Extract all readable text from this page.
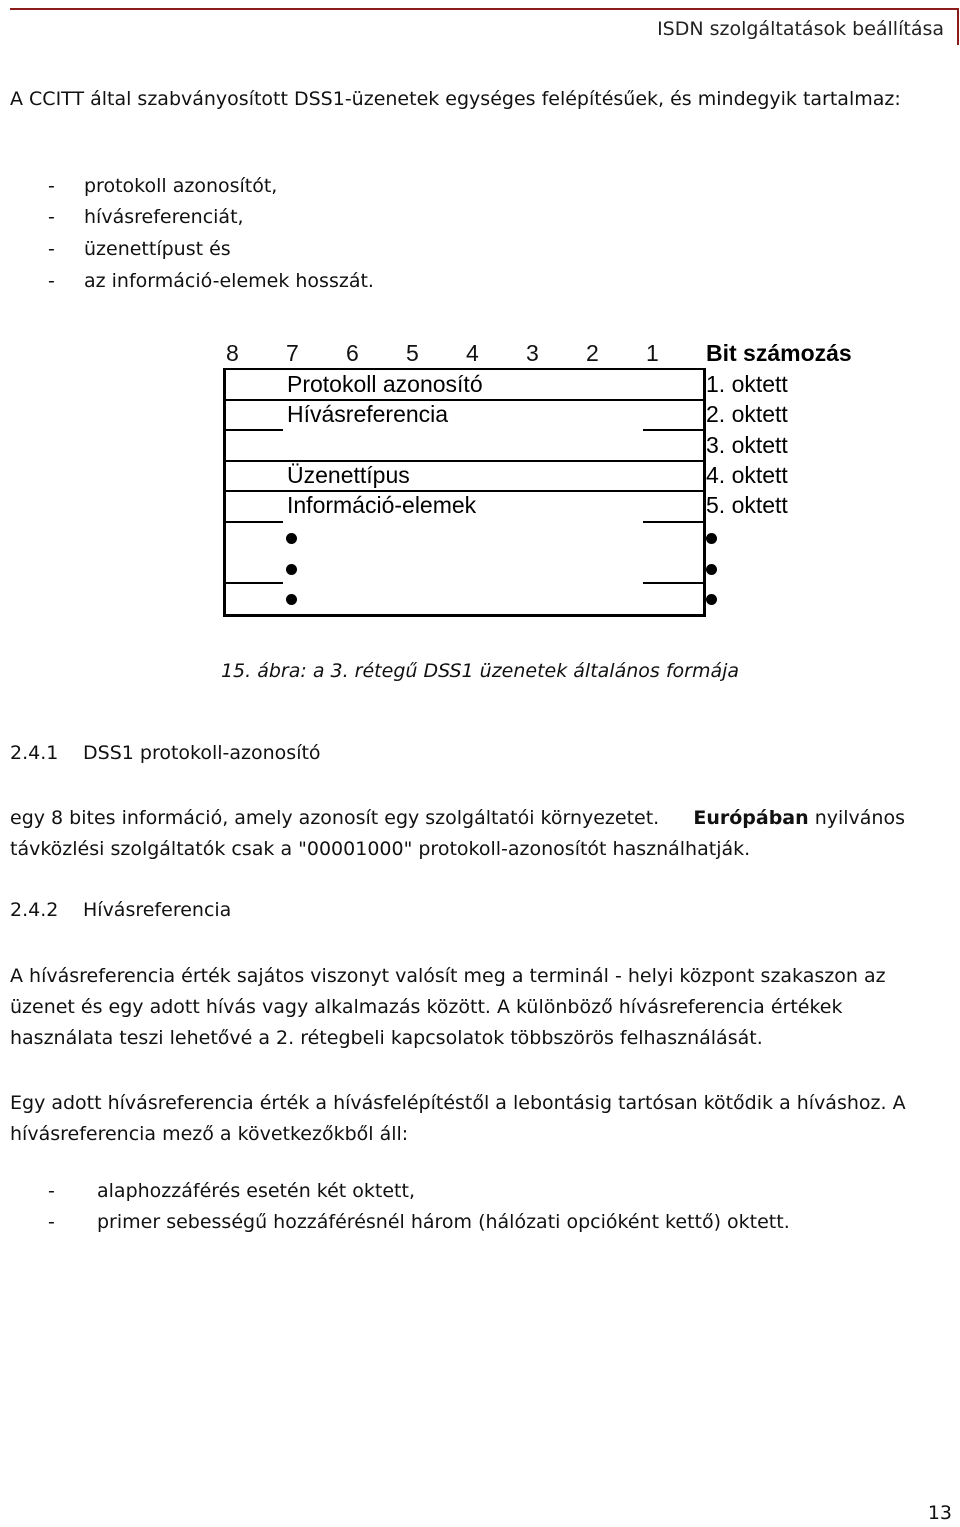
ISDN szolgáltatások beállítása
A CCITT által szabványosított DSS1-üzenetek egységes felépítésűek, és mindegyik tartalmaz:
- protokoll azonosítót,
- hívásreferenciát,
- üzenettípust és
- az információ-elemek hosszát.
8 7 6 5 4 3 2 1 Bit számozás
Protokoll azonosító
Hívásreferencia
Üzenettípus
Információ-elemek
1. oktett
2. oktett
3. oktett
4. oktett
5. oktett
15. ábra: a 3. rétegű DSS1 üzenetek általános formája
2.4.1 DSS1 protokoll-azonosító
egy 8 bites információ, amely azonosít egy szolgáltatói környezetet. Európában nyilvános
távközlési szolgáltatók csak a "00001000" protokoll-azonosítót használhatják.
2.4.2 Hívásreferencia
A hívásreferencia érték sajátos viszonyt valósít meg a terminál - helyi központ szakaszon az üzenet és egy adott hívás vagy alkalmazás között. A különböző hívásreferencia értékek használata teszi lehetővé a 2. rétegbeli kapcsolatok többszörös felhasználását.
Egy adott hívásreferencia érték a hívásfelépítéstől a lebontásig tartósan kötődik a híváshoz. A hívásreferencia mező a következőkből áll:
- alaphozzáférés esetén két oktett,
- primer sebességű hozzáférésnél három (hálózati opcióként kettő) oktett.
13
